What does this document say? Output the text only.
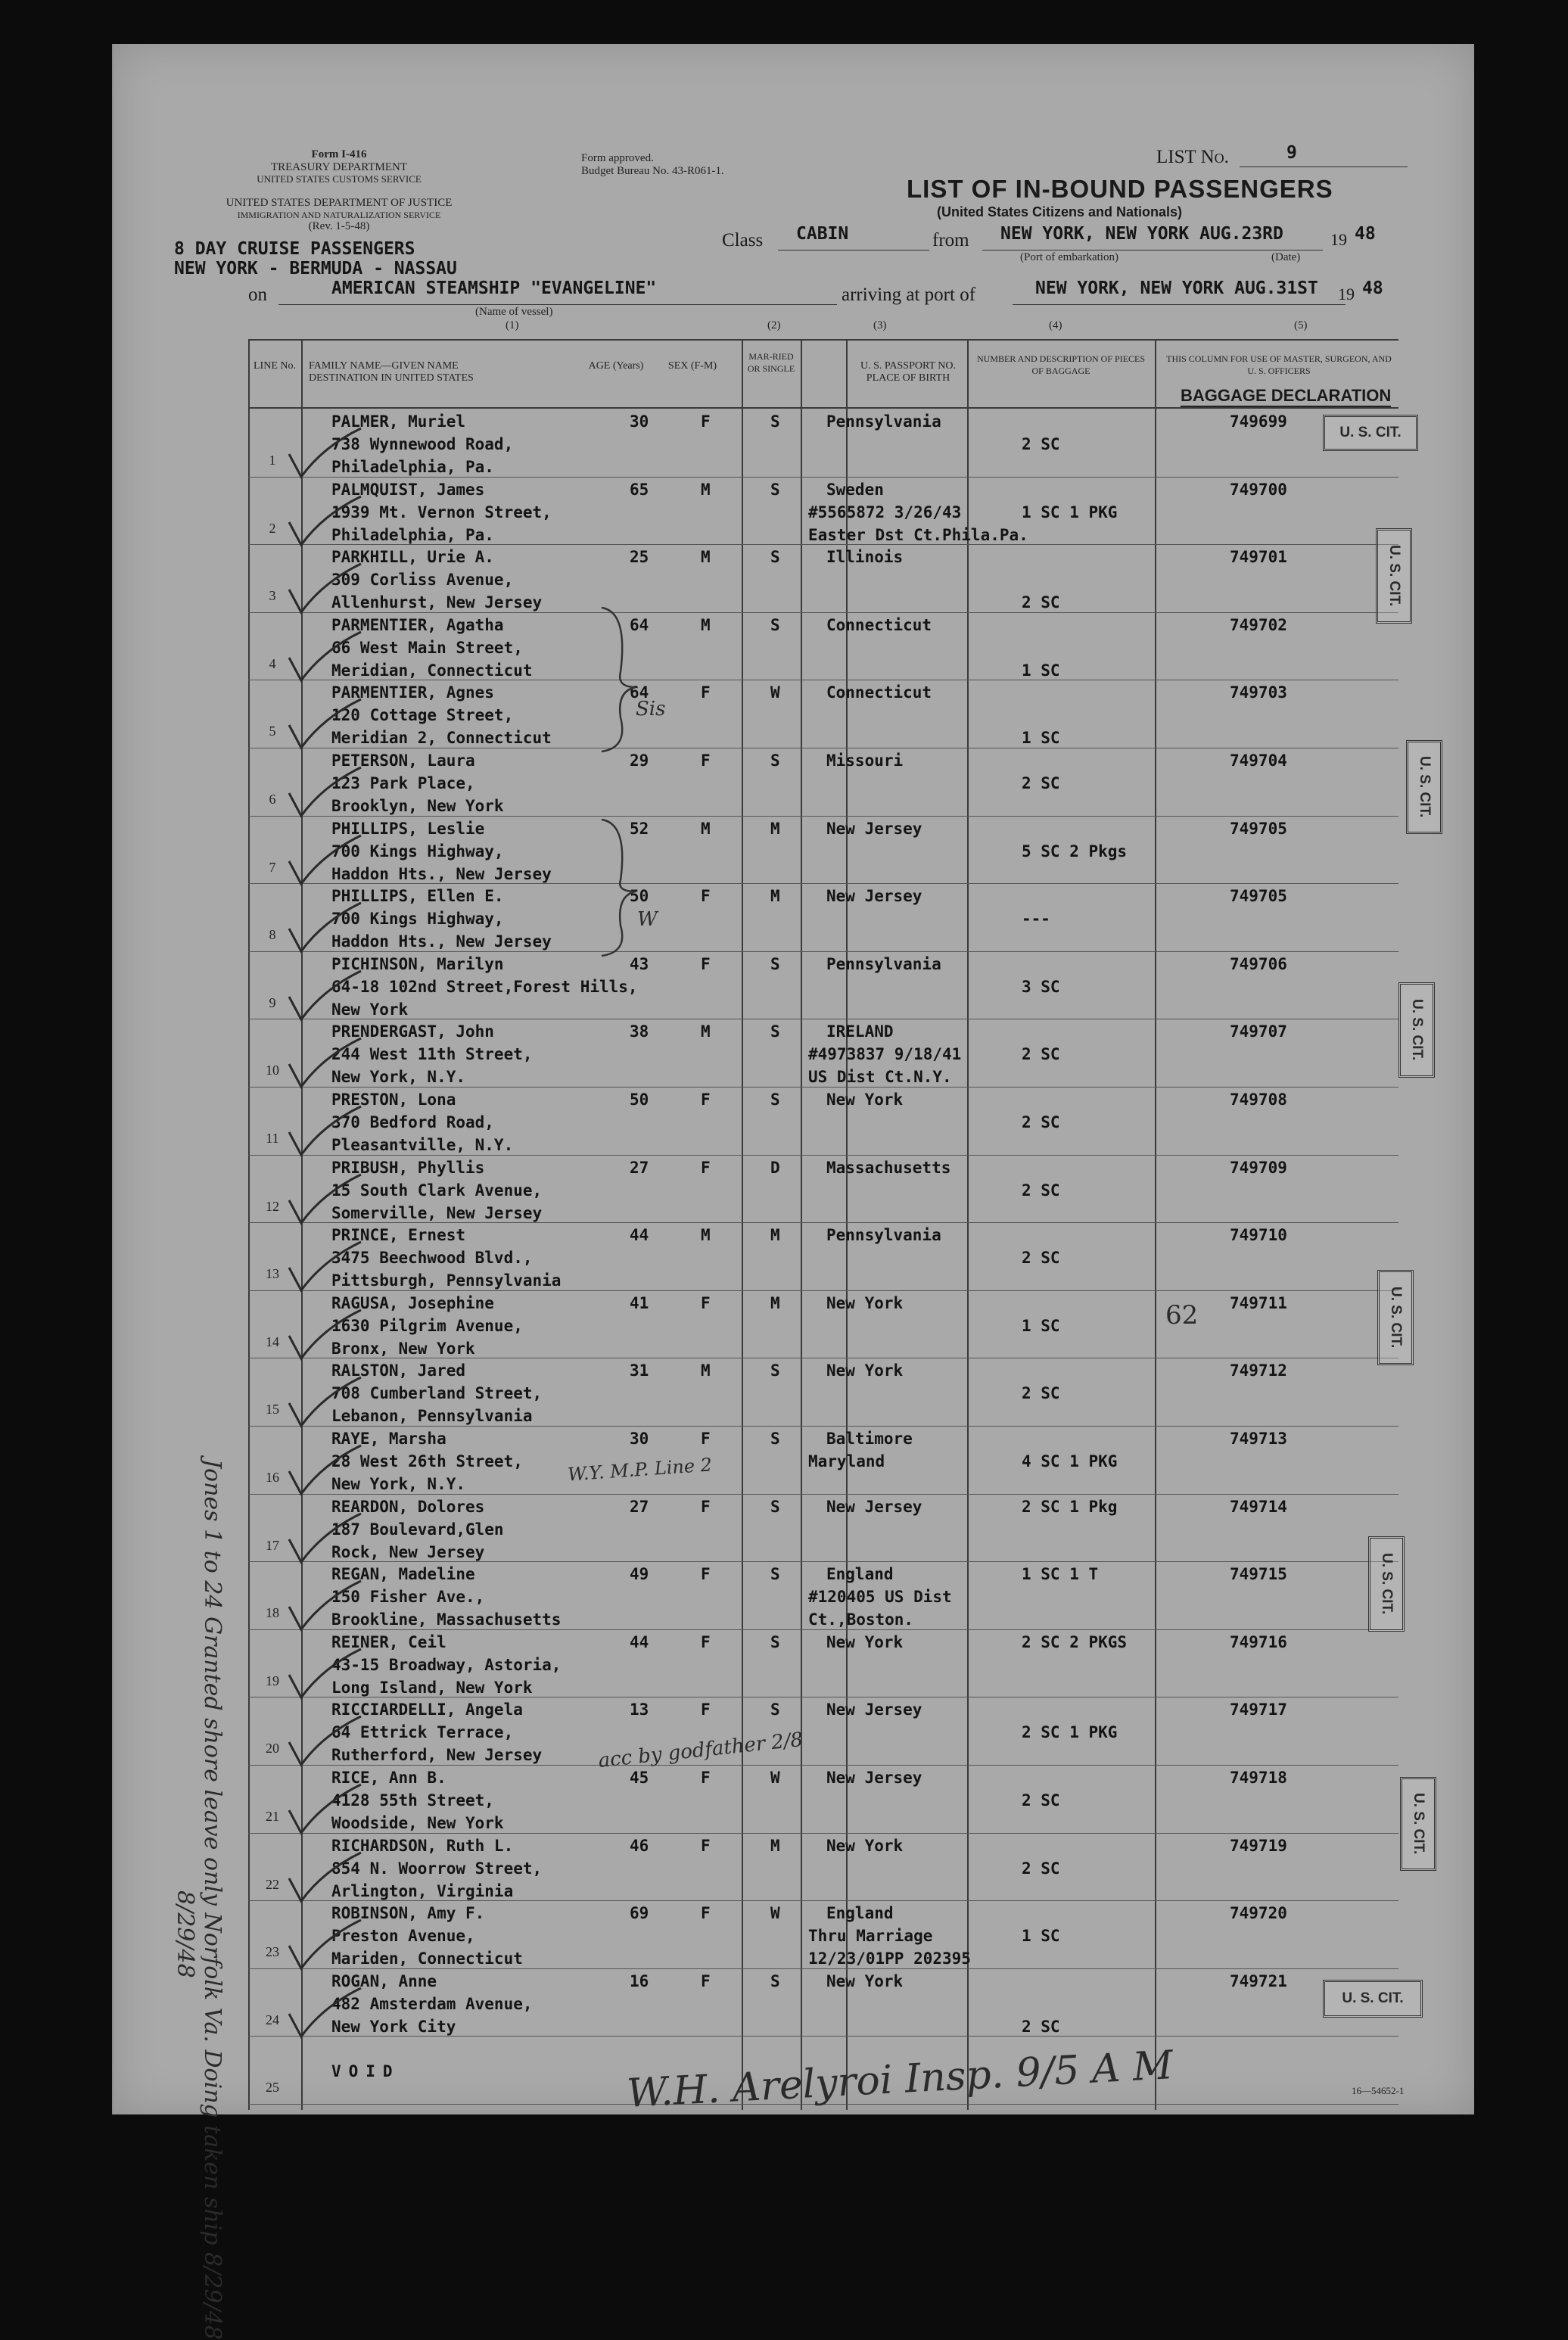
Form I-416
TREASURY DEPARTMENT
UNITED STATES CUSTOMS SERVICE
UNITED STATES DEPARTMENT OF JUSTICE
IMMIGRATION AND NATURALIZATION SERVICE
(Rev. 1-5-48)
Form approved.
Budget Bureau No. 43-R061-1.
LIST No.	9
LIST OF IN-BOUND PASSENGERS
(United States Citizens and Nationals)
Class CABIN	from NEW YORK, NEW YORK AUG.23RD	19 48
(Port of embarkation)	(Date)
8 DAY CRUISE PASSENGERS
NEW YORK - BERMUDA - NASSAU
on	AMERICAN STEAMSHIP "EVANGELINE"
(Name of vessel)
arriving at port of	NEW YORK, NEW YORK AUG.31ST 19 48
(1)	(2)	(3)	(4)	(5)
LINE No.	FAMILY NAME—GIVEN NAME DESTINATION IN UNITED STATES
AGE (Years) SEX (F-M)
MAR-RIED OR SINGLE	U. S. PASSPORT NO. PLACE OF BIRTH
NUMBER AND DESCRIPTION OF PIECES OF BAGGAGE
THIS COLUMN FOR USE OF MASTER, SURGEON, AND U. S. OFFICERS
BAGGAGE DECLARATION
1
PALMER, Muriel
738 Wynnewood Road,
Philadelphia, Pa.
30	F	S	Pennsylvania
2 SC
749699
2
PALMQUIST, James
1939 Mt. Vernon Street,
Philadelphia, Pa.
65	M	S	Sweden
#5565872 3/26/43
Easter Dst Ct.Phila.Pa.
1 SC 1 PKG
749700
3
PARKHILL, Urie A.
309 Corliss Avenue,
Allenhurst, New Jersey
25	M	S	Illinois
2 SC
749701
4
PARMENTIER, Agatha
66 West Main Street,
Meridian, Connecticut
64	M	S	Connecticut
1 SC
749702
5
PARMENTIER, Agnes
120 Cottage Street,
Meridian 2, Connecticut
64	F	W	Connecticut
1 SC
749703
6
PETERSON, Laura
123 Park Place,
Brooklyn, New York
29	F	S	Missouri
2 SC
749704
7
PHILLIPS, Leslie
700 Kings Highway,
Haddon Hts., New Jersey
52	M	M	New Jersey
5 SC 2 Pkgs
749705
8
PHILLIPS, Ellen E.
700 Kings Highway,
Haddon Hts., New Jersey
50	F	M	New Jersey
---
749705
9
PICHINSON, Marilyn
64-18 102nd Street,Forest Hills,
New York
43	F	S	Pennsylvania
3 SC
749706
10
PRENDERGAST, John
244 West 11th Street,
New York, N.Y.
38	M	S	IRELAND
#4973837 9/18/41
US Dist Ct.N.Y.
2 SC
749707
11
PRESTON, Lona
370 Bedford Road,
Pleasantville, N.Y.
50	F	S	New York
2 SC
749708
12
PRIBUSH, Phyllis
15 South Clark Avenue,
Somerville, New Jersey
27	F	D	Massachusetts
2 SC
749709
13
PRINCE, Ernest
3475 Beechwood Blvd.,
Pittsburgh, Pennsylvania
44	M	M	Pennsylvania
2 SC
749710
14
RAGUSA, Josephine
1630 Pilgrim Avenue,
Bronx, New York
41	F	M	New York
1 SC
749711
15
RALSTON, Jared
708 Cumberland Street,
Lebanon, Pennsylvania
31	M	S	New York
2 SC
749712
16
RAYE, Marsha
28 West 26th Street,
New York, N.Y.
30	F	S	Baltimore
Maryland	4 SC 1 PKG
749713
17
REARDON, Dolores
187 Boulevard,Glen
Rock, New Jersey
27	F	S	New Jersey	2 SC 1 Pkg	749714
18
REGAN, Madeline
150 Fisher Ave.,
Brookline, Massachusetts
49	F	S	England
#120405 US Dist
Ct.,Boston.
1 SC 1 T	749715
19
REINER, Ceil
43-15 Broadway, Astoria,
Long Island, New York
44	F	S	New York	2 SC 2 PKGS	749716
20
RICCIARDELLI, Angela
64 Ettrick Terrace,
Rutherford, New Jersey
13	F	S	New Jersey
2 SC 1 PKG
749717
21
RICE, Ann B.
4128 55th Street,
Woodside, New York
45	F	W	New Jersey
2 SC
749718
22
RICHARDSON, Ruth L.
854 N. Woorrow Street,
Arlington, Virginia
46	F	M	New York
2 SC
749719
23
ROBINSON, Amy F.
Preston Avenue,
Mariden, Connecticut
69	F	W	England
Thru Marriage
12/23/01PP 202395
1 SC
749720
24
ROGAN, Anne
482 Amsterdam Avenue,
New York City
16	F	S	New York
2 SC
749721
25
VOID
U. S. CIT.
U. S. CIT.
U. S. CIT.
U. S. CIT.
U. S. CIT.
U. S. CIT.
U. S. CIT.
U. S. CIT.
Jones 1 to 24 Granted shore leave only Norfolk Va. Doing taken ship 8/29/48
8/29/48
W.Y. M.P. Line 2
acc by godfather 2/8
62
W.H. Arelyroi Insp. 9/5 A M
Sis
W
16—54652-1
